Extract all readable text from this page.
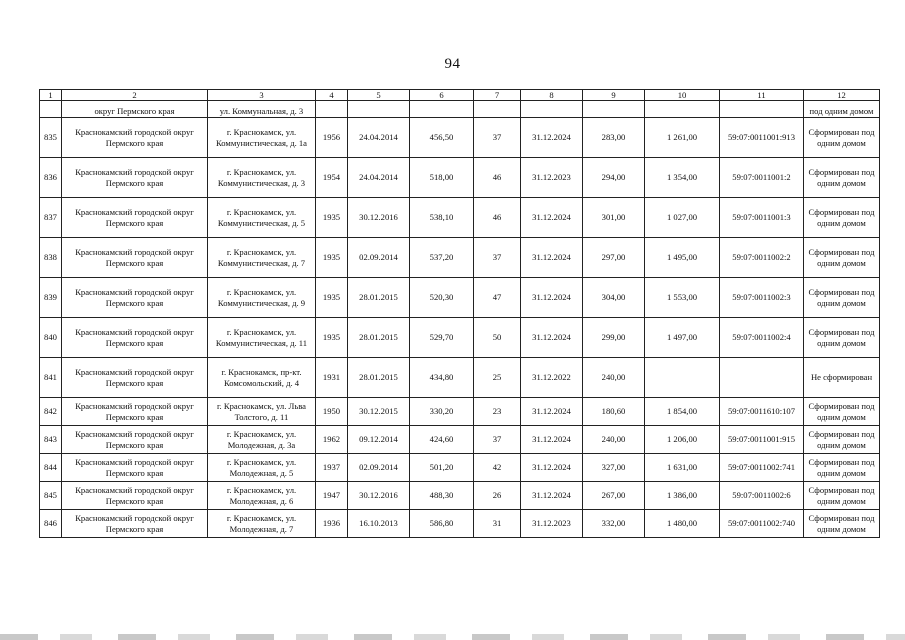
94
1	2	3	4	5	6	7	8	9	10	11	12
	округ Пермского края	ул. Коммунальная, д. 3									под одним домом
835	Краснокамский городской округ Пермского края	г. Краснокамск, ул. Коммунистическая, д. 1а	1956	24.04.2014	456,50	37	31.12.2024	283,00	1 261,00	59:07:0011001:913	Сформирован под одним домом
836	Краснокамский городской округ Пермского края	г. Краснокамск, ул. Коммунистическая, д. 3	1954	24.04.2014	518,00	46	31.12.2023	294,00	1 354,00	59:07:0011001:2	Сформирован под одним домом
837	Краснокамский городской округ Пермского края	г. Краснокамск, ул. Коммунистическая, д. 5	1935	30.12.2016	538,10	46	31.12.2024	301,00	1 027,00	59:07:0011001:3	Сформирован под одним домом
838	Краснокамский городской округ Пермского края	г. Краснокамск, ул. Коммунистическая, д. 7	1935	02.09.2014	537,20	37	31.12.2024	297,00	1 495,00	59:07:0011002:2	Сформирован под одним домом
839	Краснокамский городской округ Пермского края	г. Краснокамск, ул. Коммунистическая, д. 9	1935	28.01.2015	520,30	47	31.12.2024	304,00	1 553,00	59:07:0011002:3	Сформирован под одним домом
840	Краснокамский городской округ Пермского края	г. Краснокамск, ул. Коммунистическая, д. 11	1935	28.01.2015	529,70	50	31.12.2024	299,00	1 497,00	59:07:0011002:4	Сформирован под одним домом
841	Краснокамский городской округ Пермского края	г. Краснокамск, пр-кт. Комсомольский, д. 4	1931	28.01.2015	434,80	25	31.12.2022	240,00			Не сформирован
842	Краснокамский городской округ Пермского края	г. Краснокамск, ул. Льва Толстого, д. 11	1950	30.12.2015	330,20	23	31.12.2024	180,60	1 854,00	59:07:0011610:107	Сформирован под одним домом
843	Краснокамский городской округ Пермского края	г. Краснокамск, ул. Молодежная, д. 3а	1962	09.12.2014	424,60	37	31.12.2024	240,00	1 206,00	59:07:0011001:915	Сформирован под одним домом
844	Краснокамский городской округ Пермского края	г. Краснокамск, ул. Молодежная, д. 5	1937	02.09.2014	501,20	42	31.12.2024	327,00	1 631,00	59:07:0011002:741	Сформирован под одним домом
845	Краснокамский городской округ Пермского края	г. Краснокамск, ул. Молодежная, д. 6	1947	30.12.2016	488,30	26	31.12.2024	267,00	1 386,00	59:07:0011002:6	Сформирован под одним домом
846	Краснокамский городской округ Пермского края	г. Краснокамск, ул. Молодежная, д. 7	1936	16.10.2013	586,80	31	31.12.2023	332,00	1 480,00	59:07:0011002:740	Сформирован под одним домом
